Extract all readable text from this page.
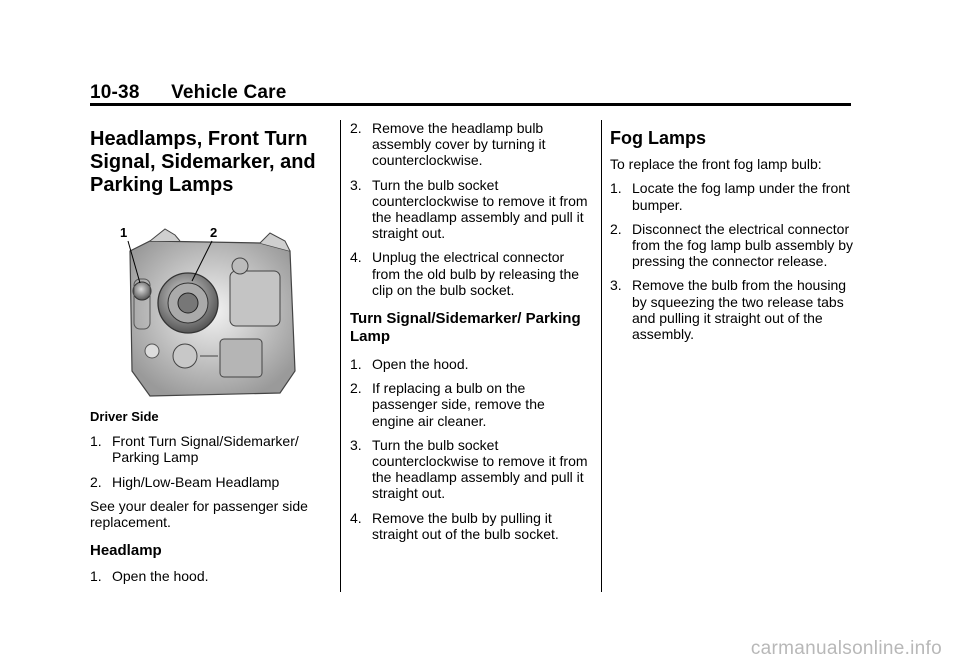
10-38 Vehicle Care

Headlamps, Front Turn Signal, Sidemarker, and Parking Lamps

1	2
Driver Side
1. Front Turn Signal/Sidemarker/ Parking Lamp
2. High/Low-Beam Headlamp

See your dealer for passenger side replacement.

Headlamp

1. Open the hood.
2. Remove the headlamp bulb assembly cover by turning it counterclockwise.
3. Turn the bulb socket counterclockwise to remove it from the headlamp assembly and pull it straight out.
4. Unplug the electrical connector from the old bulb by releasing the clip on the bulb socket.

Turn Signal/Sidemarker/ Parking Lamp

1. Open the hood.
2. If replacing a bulb on the passenger side, remove the engine air cleaner.
3. Turn the bulb socket counterclockwise to remove it from the headlamp assembly and pull it straight out.
4. Remove the bulb by pulling it straight out of the bulb socket.

Fog Lamps

To replace the front fog lamp bulb:

1. Locate the fog lamp under the front bumper.
2. Disconnect the electrical connector from the fog lamp bulb assembly by pressing the connector release.
3. Remove the bulb from the housing by squeezing the two release tabs and pulling it straight out of the assembly.
carmanualsonline.info
